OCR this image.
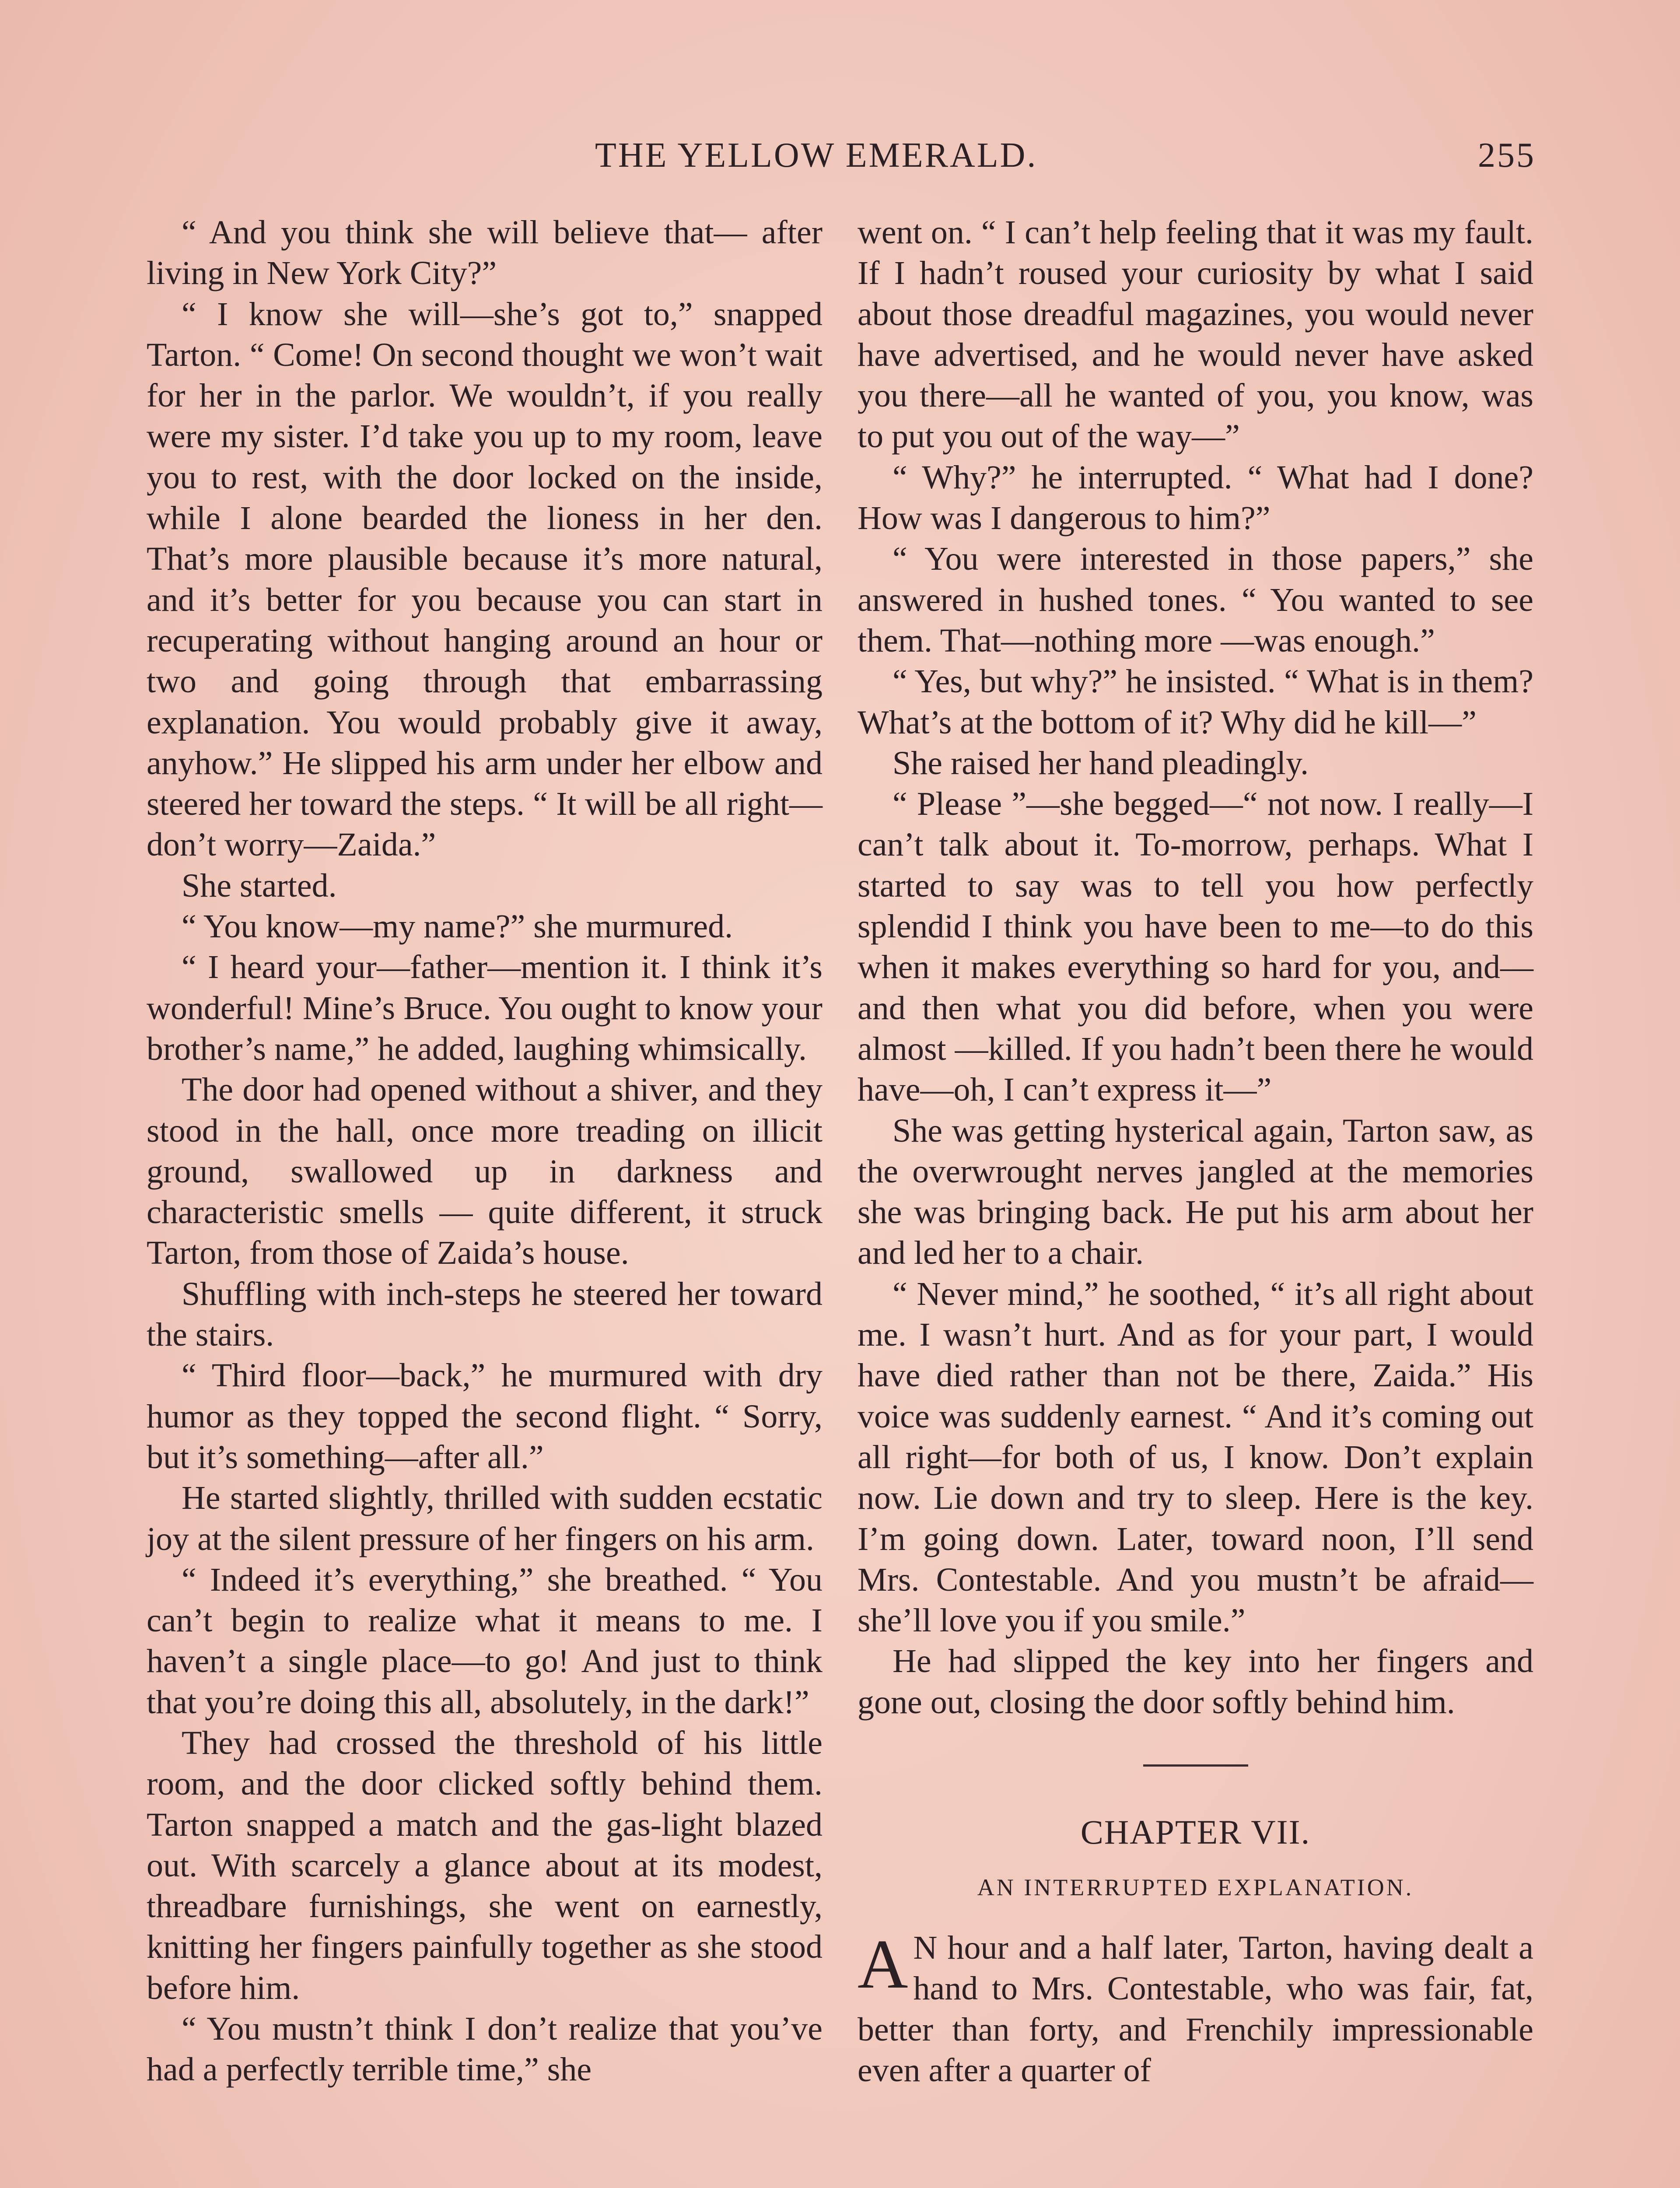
THE YELLOW EMERALD.	255

“ And you think she will believe that— after living in New York City?”

“ I know she will—she’s got to,” snapped Tarton. “ Come! On second thought we won’t wait for her in the parlor. We wouldn’t, if you really were my sister. I’d take you up to my room, leave you to rest, with the door locked on the inside, while I alone bearded the lioness in her den. That’s more plausible because it’s more natural, and it’s better for you because you can start in recuperating without hanging around an hour or two and going through that embarrassing explanation. You would probably give it away, anyhow.” He slipped his arm under her elbow and steered her toward the steps. “ It will be all right— don’t worry—Zaida.”

She started.

“ You know—my name?” she murmured.

“ I heard your—father—mention it. I think it’s wonderful! Mine’s Bruce. You ought to know your brother’s name,” he added, laughing whimsically.

The door had opened without a shiver, and they stood in the hall, once more treading on illicit ground, swallowed up in darkness and characteristic smells — quite different, it struck Tarton, from those of Zaida’s house.

Shuffling with inch-steps he steered her toward the stairs.

“ Third floor—back,” he murmured with dry humor as they topped the second flight. “ Sorry, but it’s something—after all.”

He started slightly, thrilled with sudden ecstatic joy at the silent pressure of her fingers on his arm.

“ Indeed it’s everything,” she breathed. “ You can’t begin to realize what it means to me. I haven’t a single place—to go! And just to think that you’re doing this all, absolutely, in the dark!”

They had crossed the threshold of his little room, and the door clicked softly behind them. Tarton snapped a match and the gas-light blazed out. With scarcely a glance about at its modest, threadbare furnishings, she went on earnestly, knitting her fingers painfully together as she stood before him.

“ You mustn’t think I don’t realize that you’ve had a perfectly terrible time,” she

went on. “ I can’t help feeling that it was my fault. If I hadn’t roused your curiosity by what I said about those dreadful magazines, you would never have advertised, and he would never have asked you there—all he wanted of you, you know, was to put you out of the way—”

“ Why?” he interrupted. “ What had I done? How was I dangerous to him?”

“ You were interested in those papers,” she answered in hushed tones. “ You wanted to see them. That—nothing more —was enough.”

“ Yes, but why?” he insisted. “ What is in them? What’s at the bottom of it? Why did he kill—”

She raised her hand pleadingly.

“ Please ”—she begged—“ not now. I really—I can’t talk about it. To-morrow, perhaps. What I started to say was to tell you how perfectly splendid I think you have been to me—to do this when it makes everything so hard for you, and—and then what you did before, when you were almost —killed. If you hadn’t been there he would have—oh, I can’t express it—”

She was getting hysterical again, Tarton saw, as the overwrought nerves jangled at the memories she was bringing back. He put his arm about her and led her to a chair.

“ Never mind,” he soothed, “ it’s all right about me. I wasn’t hurt. And as for your part, I would have died rather than not be there, Zaida.” His voice was suddenly earnest. “ And it’s coming out all right—for both of us, I know. Don’t explain now. Lie down and try to sleep. Here is the key. I’m going down. Later, toward noon, I’ll send Mrs. Contestable. And you mustn’t be afraid—she’ll love you if you smile.”

He had slipped the key into her fingers and gone out, closing the door softly behind him.

CHAPTER VII.
AN INTERRUPTED EXPLANATION.

A N hour and a half later, Tarton, having dealt a hand to Mrs. Contestable, who was fair, fat, better than forty, and Frenchily impressionable even after a quarter of
